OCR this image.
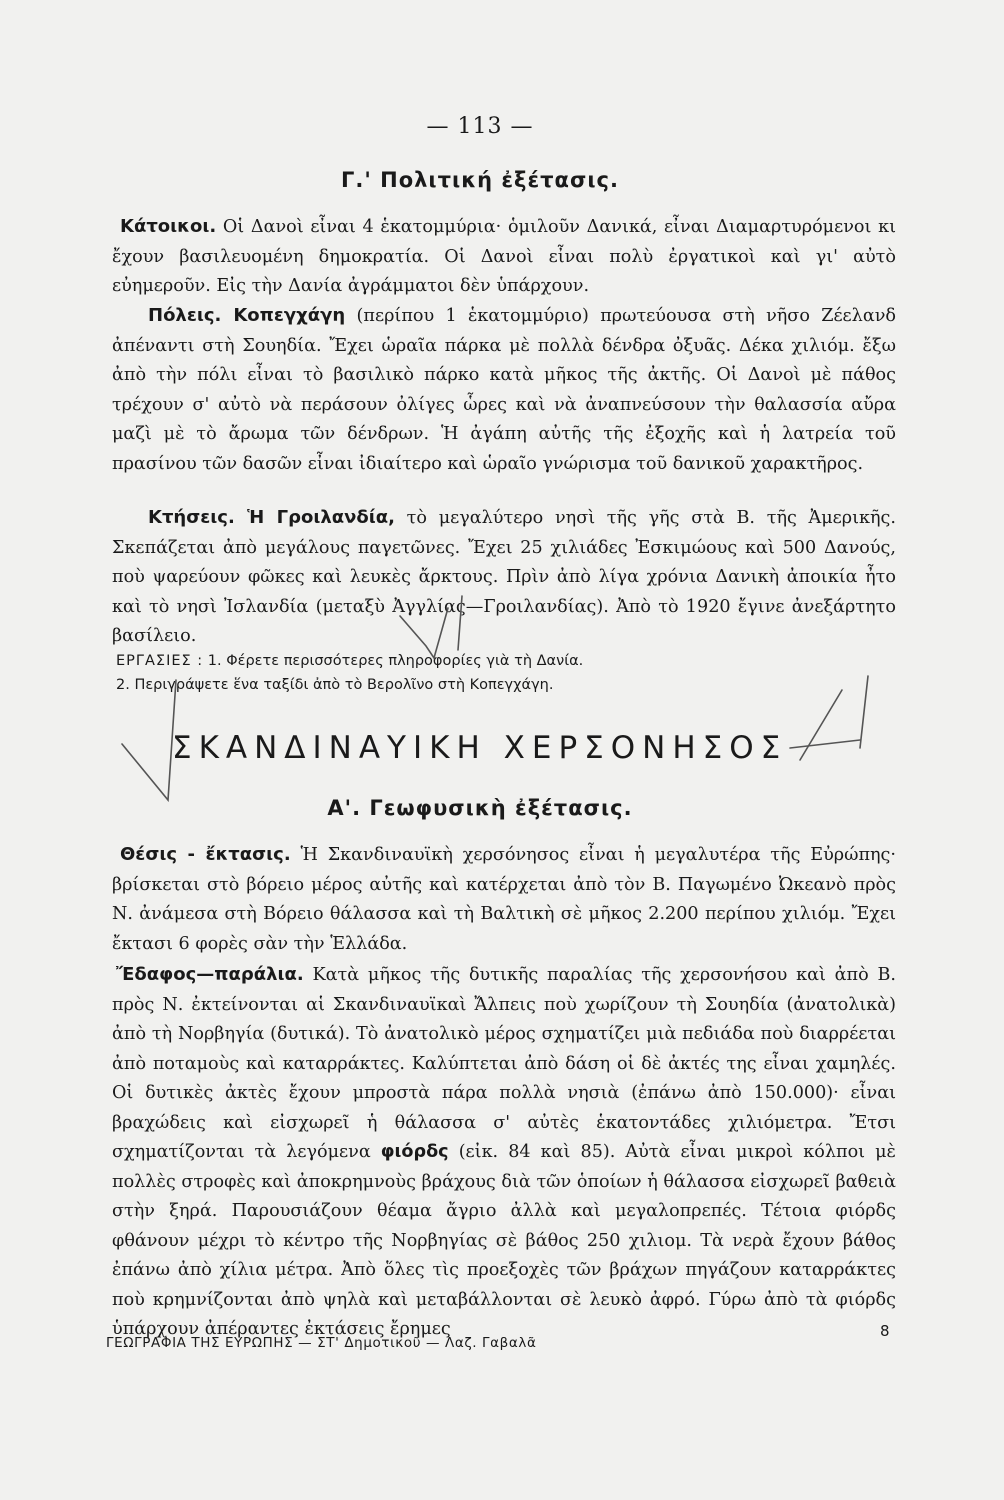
— 113 —
Γ.' Πολιτική ἐξέτασις.

Κάτοικοι. Οἱ Δανοὶ εἶναι 4 ἑκατομμύρια· ὁμιλοῦν Δανικά, εἶναι Διαμαρτυρόμενοι κι ἔχουν βασιλευομένη δημοκρατία. Οἱ Δανοὶ εἶναι πολὺ ἐργατικοὶ καὶ γι' αὐτὸ εὐημεροῦν. Εἰς τὴν Δανία ἀγράμματοι δὲν ὑπάρχουν.

Πόλεις. Κοπεγχάγη (περίπου 1 ἑκατομμύριο) πρωτεύουσα στὴ νῆσο Ζέελανδ ἀπέναντι στὴ Σουηδία. Ἔχει ὡραῖα πάρκα μὲ πολλὰ δένδρα ὀξυᾶς. Δέκα χιλιόμ. ἔξω ἀπὸ τὴν πόλι εἶναι τὸ βασιλικὸ πάρκο κατὰ μῆκος τῆς ἀκτῆς. Οἱ Δανοὶ μὲ πάθος τρέχουν σ' αὐτὸ νὰ περάσουν ὀλίγες ὧρες καὶ νὰ ἀναπνεύσουν τὴν θαλασσία αὔρα μαζὶ μὲ τὸ ἄρωμα τῶν δένδρων. Ἡ ἀγάπη αὐτῆς τῆς ἐξοχῆς καὶ ἡ λατρεία τοῦ πρασίνου τῶν δασῶν εἶναι ἰδιαίτερο καὶ ὡραῖο γνώρισμα τοῦ δανικοῦ χαρακτῆρος.

Κτήσεις. Ἡ Γροιλανδία, τὸ μεγαλύτερο νησὶ τῆς γῆς στὰ Β. τῆς Ἀμερικῆς. Σκεπάζεται ἀπὸ μεγάλους παγετῶνες. Ἔχει 25 χιλιάδες Ἐσκιμώους καὶ 500 Δανούς, ποὺ ψαρεύουν φῶκες καὶ λευκὲς ἄρκτους. Πρὶν ἀπὸ λίγα χρόνια Δανικὴ ἀποικία ἦτο καὶ τὸ νησὶ Ἰσλανδία (μεταξὺ Ἀγγλίας—Γροιλανδίας). Ἀπὸ τὸ 1920 ἔγινε ἀνεξάρτητο βασίλειο.

ΕΡΓΑΣΙΕΣ : 1. Φέρετε περισσότερες πληροφορίες γιὰ τὴ Δανία.
2. Περιγράψετε ἕνα ταξίδι ἀπὸ τὸ Βερολῖνο στὴ Κοπεγχάγη.
ΣΚΑΝΔΙΝΑΥΙΚΗ ΧΕΡΣΟΝΗΣΟΣ
Α'. Γεωφυσικὴ ἐξέτασις.

Θέσις - ἔκτασις. Ἡ Σκανδιναυϊκὴ χερσόνησος εἶναι ἡ μεγαλυτέρα τῆς Εὐρώπης· βρίσκεται στὸ βόρειο μέρος αὐτῆς καὶ κατέρχεται ἀπὸ τὸν Β. Παγωμένο Ὠκεανὸ πρὸς Ν. ἀνάμεσα στὴ Βόρειο θάλασσα καὶ τὴ Βαλτικὴ σὲ μῆκος 2.200 περίπου χιλιόμ. Ἔχει ἔκτασι 6 φορὲς σὰν τὴν Ἑλλάδα.

Ἔδαφος—παράλια. Κατὰ μῆκος τῆς δυτικῆς παραλίας τῆς χερσονήσου καὶ ἀπὸ Β. πρὸς Ν. ἐκτείνονται αἱ Σκανδιναυϊκαὶ Ἄλπεις ποὺ χωρίζουν τὴ Σουηδία (ἀνατολικὰ) ἀπὸ τὴ Νορβηγία (δυτικά). Τὸ ἀνατολικὸ μέρος σχηματίζει μιὰ πεδιάδα ποὺ διαρρέεται ἀπὸ ποταμοὺς καὶ καταρράκτες. Καλύπτεται ἀπὸ δάση οἱ δὲ ἀκτές της εἶναι χαμηλές. Οἱ δυτικὲς ἀκτὲς ἔχουν μπροστὰ πάρα πολλὰ νησιὰ (ἐπάνω ἀπὸ 150.000)· εἶναι βραχώδεις καὶ εἰσχωρεῖ ἡ θάλασσα σ' αὐτὲς ἑκατοντάδες χιλιόμετρα. Ἔτσι σχηματίζονται τὰ λεγόμενα φιόρδς (εἰκ. 84 καὶ 85). Αὐτὰ εἶναι μικροὶ κόλποι μὲ πολλὲς στροφὲς καὶ ἀποκρημνοὺς βράχους διὰ τῶν ὁποίων ἡ θάλασσα εἰσχωρεῖ βαθειὰ στὴν ξηρά. Παρουσιάζουν θέαμα ἄγριο ἀλλὰ καὶ μεγαλοπρεπές. Τέτοια φιόρδς φθάνουν μέχρι τὸ κέντρο τῆς Νορβηγίας σὲ βάθος 250 χιλιομ. Τὰ νερὰ ἔχουν βάθος ἐπάνω ἀπὸ χίλια μέτρα. Ἀπὸ ὅλες τὶς προεξοχὲς τῶν βράχων πηγάζουν καταρράκτες ποὺ κρημνίζονται ἀπὸ ψηλὰ καὶ μεταβάλλονται σὲ λευκὸ ἀφρό. Γύρω ἀπὸ τὰ φιόρδς ὑπάρχουν ἀπέραντες ἐκτάσεις ἔρημες

ΓΕΩΓΡΑΦΙΑ ΤΗΣ ΕΥΡΩΠΗΣ — ΣΤ' Δημοτικοῦ — Λαζ. Γαβαλᾶ
8
